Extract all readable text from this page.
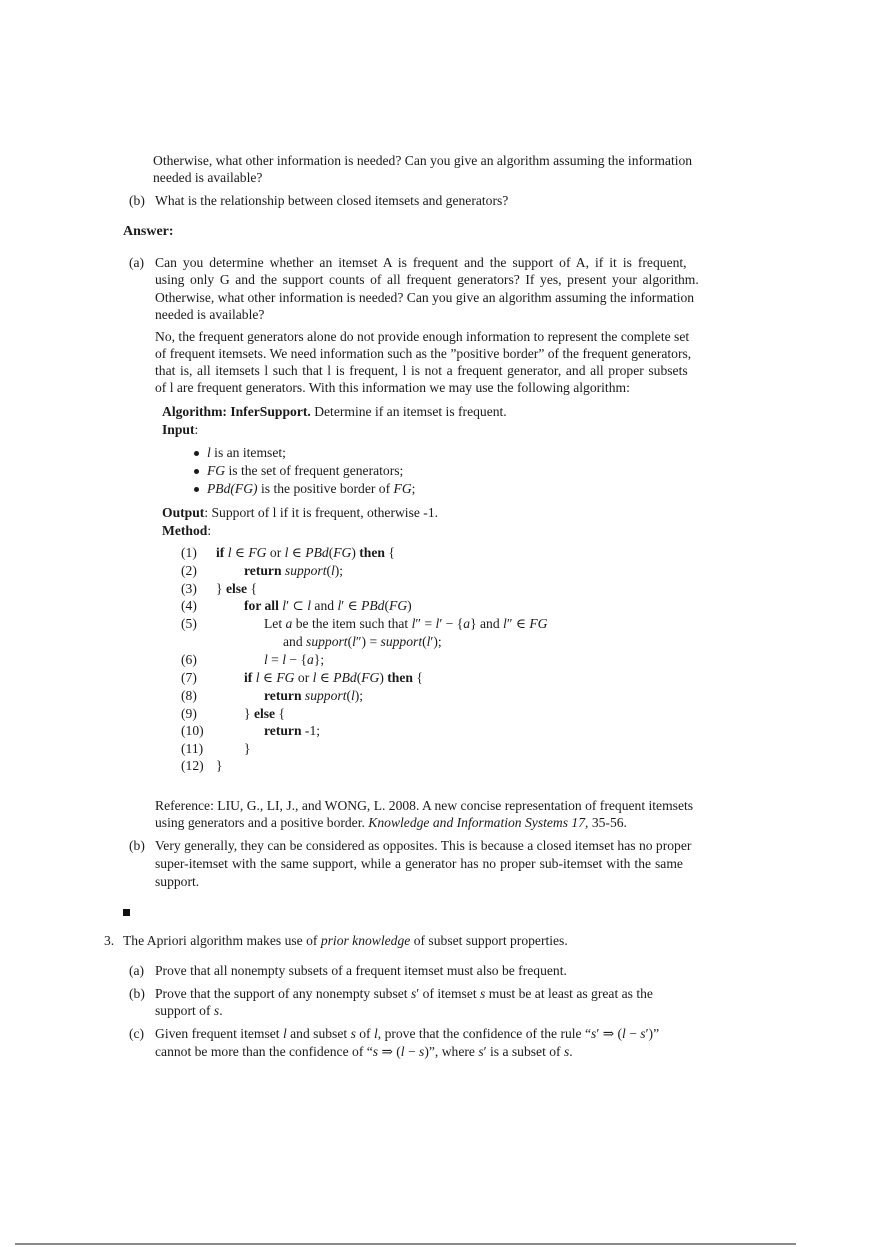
Otherwise, what other information is needed? Can you give an algorithm assuming the information
needed is available?
(b) What is the relationship between closed itemsets and generators?
Answer:
(a) Can you determine whether an itemset A is frequent and the support of A, if it is frequent,
using only G and the support counts of all frequent generators? If yes, present your algorithm.
Otherwise, what other information is needed? Can you give an algorithm assuming the information
needed is available?
No, the frequent generators alone do not provide enough information to represent the complete set
of frequent itemsets. We need information such as the ”positive border” of the frequent generators,
that is, all itemsets l such that l is frequent, l is not a frequent generator, and all proper subsets
of l are frequent generators. With this information we may use the following algorithm:
Algorithm: InferSupport. Determine if an itemset is frequent.
Input:
l is an itemset;
FG is the set of frequent generators;
PBd(FG) is the positive border of FG;
Output: Support of l if it is frequent, otherwise -1.
Method:
(1) if l ∈ FG or l ∈ PBd(FG) then {
(2)	return support(l);
(3) } else {
(4)	for all l′ ⊂ l and l′ ∈ PBd(FG)
(5)	Let a be the item such that l″ = l′ − {a} and l″ ∈ FG
and support(l″) = support(l′);
(6)	l = l − {a};
(7)	if l ∈ FG or l ∈ PBd(FG) then {
(8)	return support(l);
(9)	} else {
(10)	return -1;
(11)	}
(12) }
Reference: LIU, G., LI, J., and WONG, L. 2008. A new concise representation of frequent itemsets
using generators and a positive border. Knowledge and Information Systems 17, 35-56.
(b) Very generally, they can be considered as opposites. This is because a closed itemset has no proper
super-itemset with the same support, while a generator has no proper sub-itemset with the same
support.
3. The Apriori algorithm makes use of prior knowledge of subset support properties.
(a) Prove that all nonempty subsets of a frequent itemset must also be frequent.
(b) Prove that the support of any nonempty subset s′ of itemset s must be at least as great as the
support of s.
(c) Given frequent itemset l and subset s of l, prove that the confidence of the rule “s′ ⇒ (l − s′)”
cannot be more than the confidence of “s ⇒ (l − s)”, where s′ is a subset of s.
